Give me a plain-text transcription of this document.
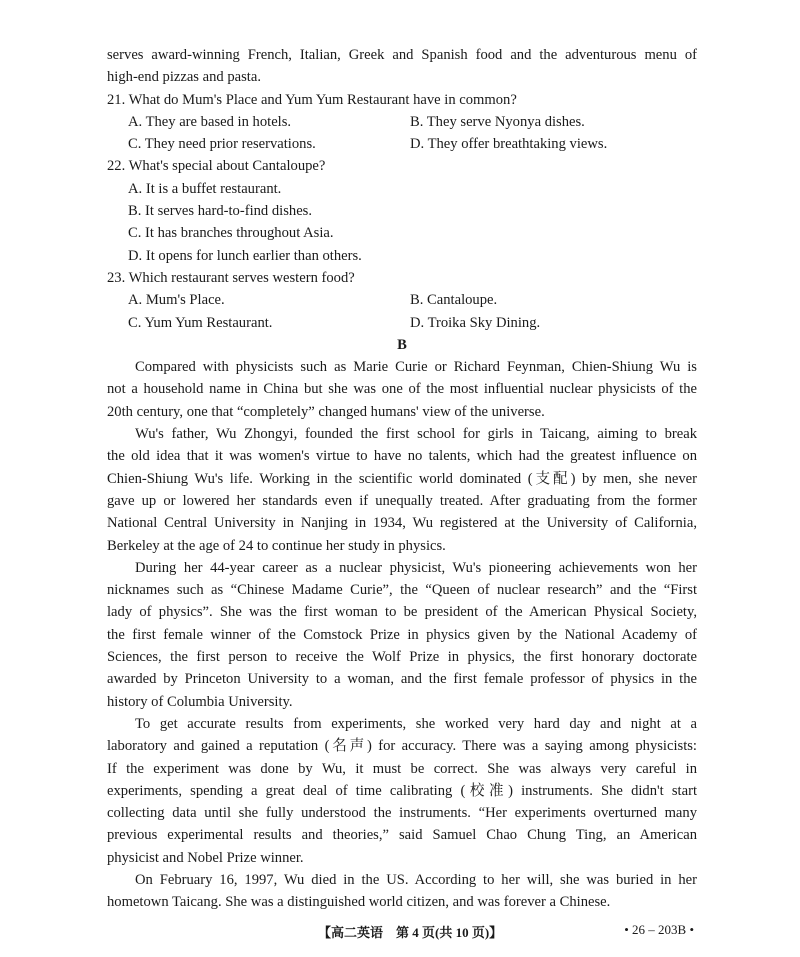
serves award-winning French, Italian, Greek and Spanish food and the adventurous menu of
high-end pizzas and pasta.
21. What do Mum's Place and Yum Yum Restaurant have in common?
A. They are based in hotels.	B. They serve Nyonya dishes.
C. They need prior reservations.	D. They offer breathtaking views.
22. What's special about Cantaloupe?
A. It is a buffet restaurant.
B. It serves hard-to-find dishes.
C. It has branches throughout Asia.
D. It opens for lunch earlier than others.
23. Which restaurant serves western food?
A. Mum's Place.	B. Cantaloupe.
C. Yum Yum Restaurant.	D. Troika Sky Dining.
B
Compared with physicists such as Marie Curie or Richard Feynman, Chien-Shiung Wu is
not a household name in China but she was one of the most influential nuclear physicists of the
20th century, one that “completely” changed humans' view of the universe.
Wu's father, Wu Zhongyi, founded the first school for girls in Taicang, aiming to break
the old idea that it was women's virtue to have no talents, which had the greatest influence on
Chien-Shiung Wu's life. Working in the scientific world dominated (支配) by men, she never
gave up or lowered her standards even if unequally treated. After graduating from the former
National Central University in Nanjing in 1934, Wu registered at the University of California,
Berkeley at the age of 24 to continue her study in physics.
During her 44-year career as a nuclear physicist, Wu's pioneering achievements won her
nicknames such as “Chinese Madame Curie”, the “Queen of nuclear research” and the “First
lady of physics”. She was the first woman to be president of the American Physical Society,
the first female winner of the Comstock Prize in physics given by the National Academy of
Sciences, the first person to receive the Wolf Prize in physics, the first honorary doctorate
awarded by Princeton University to a woman, and the first female professor of physics in the
history of Columbia University.
To get accurate results from experiments, she worked very hard day and night at a
laboratory and gained a reputation (名声) for accuracy. There was a saying among physicists:
If the experiment was done by Wu, it must be correct. She was always very careful in
experiments, spending a great deal of time calibrating (校准) instruments. She didn't start
collecting data until she fully understood the instruments. “Her experiments overturned many
previous experimental results and theories,” said Samuel Chao Chung Ting, an American
physicist and Nobel Prize winner.
On February 16, 1997, Wu died in the US. According to her will, she was buried in her
hometown Taicang. She was a distinguished world citizen, and was forever a Chinese.
【高二英语　第 4 页(共 10 页)】	• 26 – 203B •
